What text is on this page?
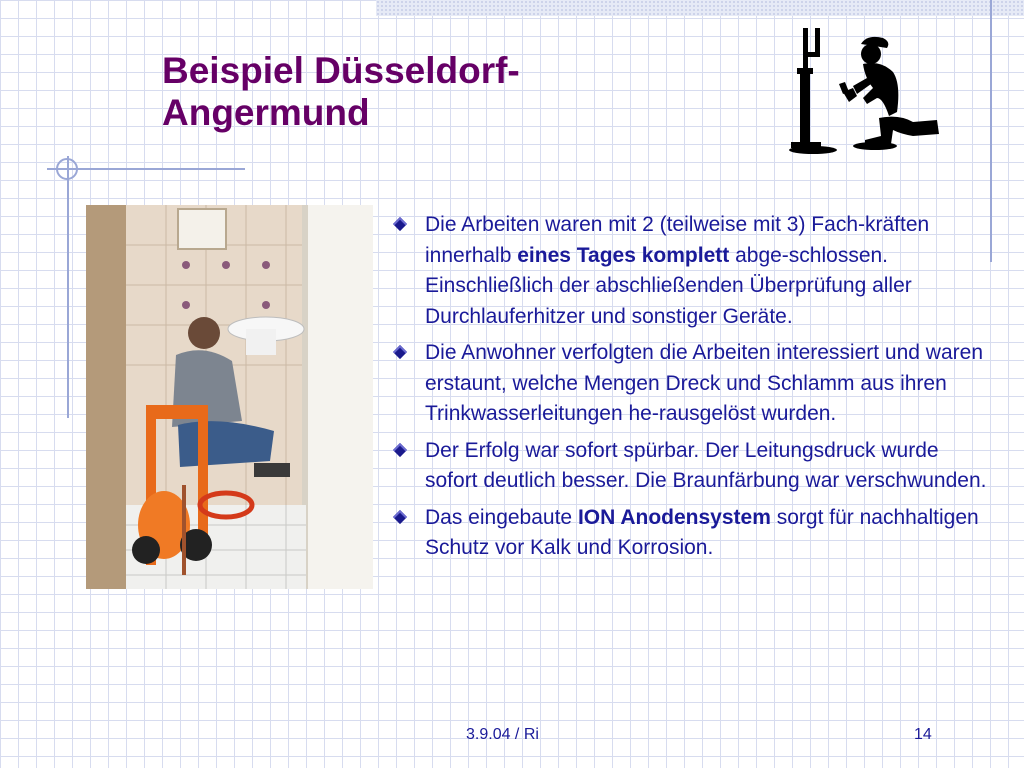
Beispiel Düsseldorf-
Angermund
Die Arbeiten waren mit 2 (teilweise mit 3) Fach-kräften innerhalb eines Tages komplett abge-schlossen. Einschließlich der abschließenden Überprüfung aller Durchlauferhitzer und sonstiger Geräte.
Die Anwohner verfolgten die Arbeiten interessiert und waren erstaunt, welche Mengen Dreck und Schlamm aus ihren Trinkwasserleitungen he-rausgelöst wurden.
Der Erfolg war sofort spürbar. Der Leitungsdruck wurde sofort deutlich besser. Die Braunfärbung war verschwunden.
Das eingebaute ION Anodensystem sorgt für nachhaltigen Schutz vor Kalk und Korrosion.
3.9.04 / Ri	14
